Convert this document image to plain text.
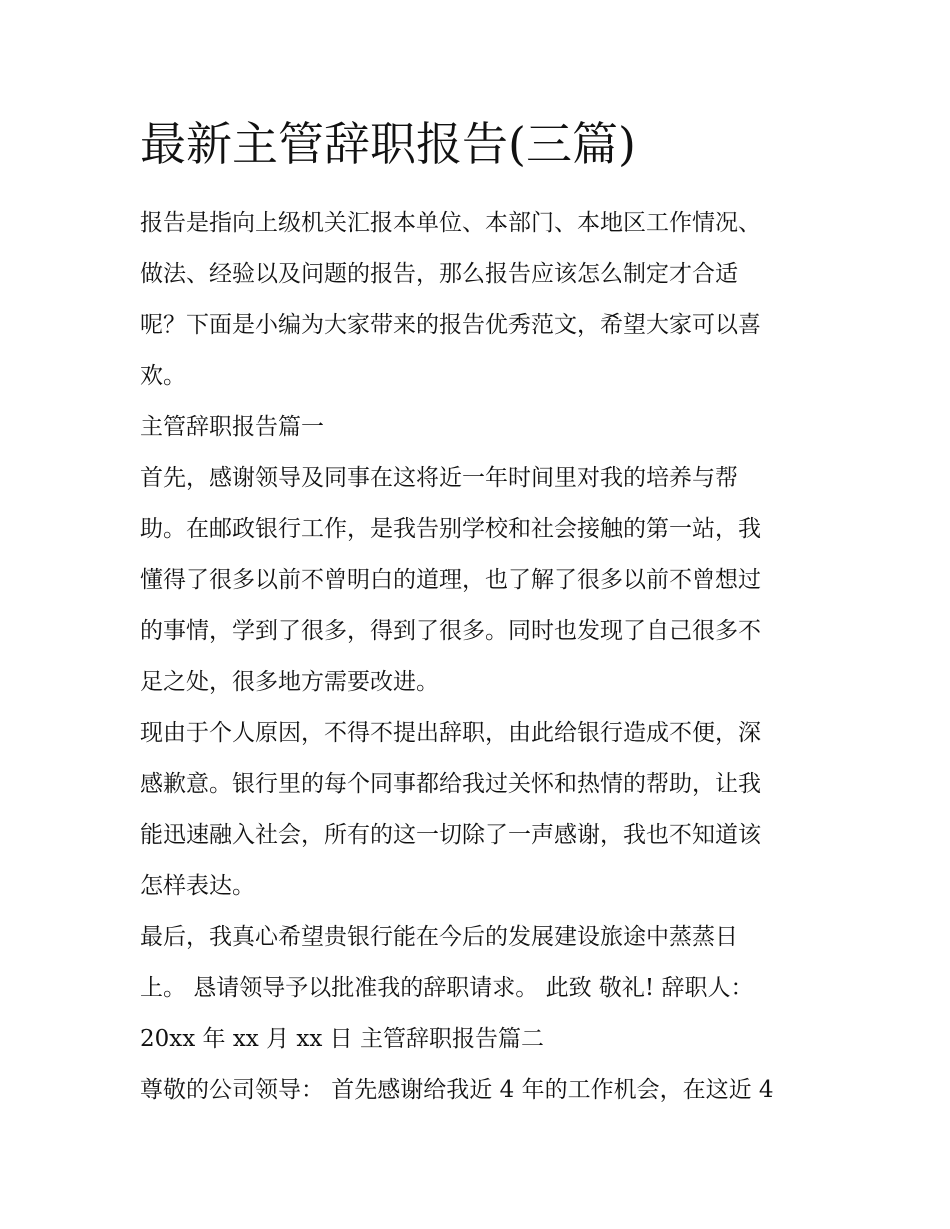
最新主管辞职报告(三篇)
报告是指向上级机关汇报本单位、本部门、本地区工作情况、
做法、经验以及问题的报告，那么报告应该怎么制定才合适
呢？下面是小编为大家带来的报告优秀范文，希望大家可以喜
欢。
主管辞职报告篇一
首先，感谢领导及同事在这将近一年时间里对我的培养与帮
助。在邮政银行工作，是我告别学校和社会接触的第一站，我
懂得了很多以前不曾明白的道理，也了解了很多以前不曾想过
的事情，学到了很多，得到了很多。同时也发现了自己很多不
足之处，很多地方需要改进。
现由于个人原因，不得不提出辞职，由此给银行造成不便，深
感歉意。银行里的每个同事都给我过关怀和热情的帮助，让我
能迅速融入社会，所有的这一切除了一声感谢，我也不知道该
怎样表达。
最后，我真心希望贵银行能在今后的发展建设旅途中蒸蒸日
上。 恳请领导予以批准我的辞职请求。 此致 敬礼! 辞职人：
20xx 年 xx 月 xx 日 主管辞职报告篇二
尊敬的公司领导： 首先感谢给我近 4 年的工作机会，在这近 4
